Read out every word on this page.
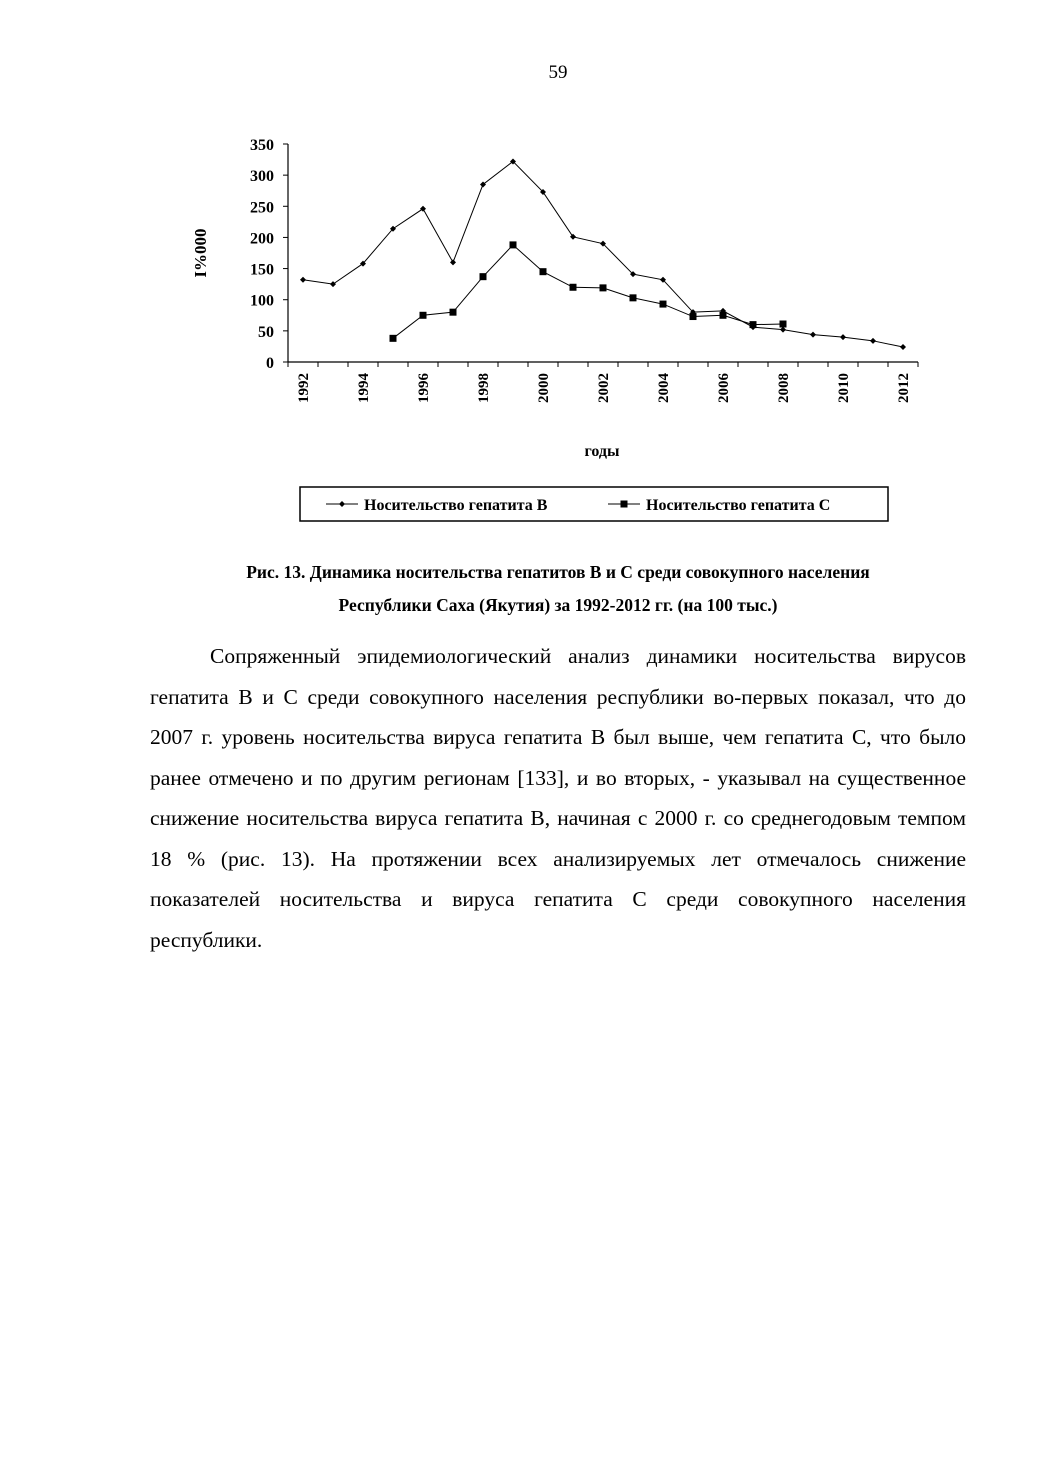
59
0
50
100
150
200
250
300
350
1992	1994	1996	1998	2000	2002	2004	2006	2008	2010	2012
I%000
годы
Носительство гепатита В	Носительство гепатита С
Рис. 13. Динамика носительства гепатитов В и С среди совокупного населения
Республики Саха (Якутия) за 1992-2012 гг. (на 100 тыс.)

Сопряженный эпидемиологический анализ динамики носительства вирусов гепатита В и С среди совокупного населения республики во-первых показал, что до 2007 г. уровень носительства вируса гепатита В был выше, чем гепатита С, что было ранее отмечено и по другим регионам [133], и во вторых, - указывал на существенное снижение носительства вируса гепатита В, начиная с 2000 г. со среднегодовым темпом 18 % (рис. 13). На протяжении всех анализируемых лет отмечалось снижение показателей носительства и вируса гепатита С среди совокупного населения республики.
